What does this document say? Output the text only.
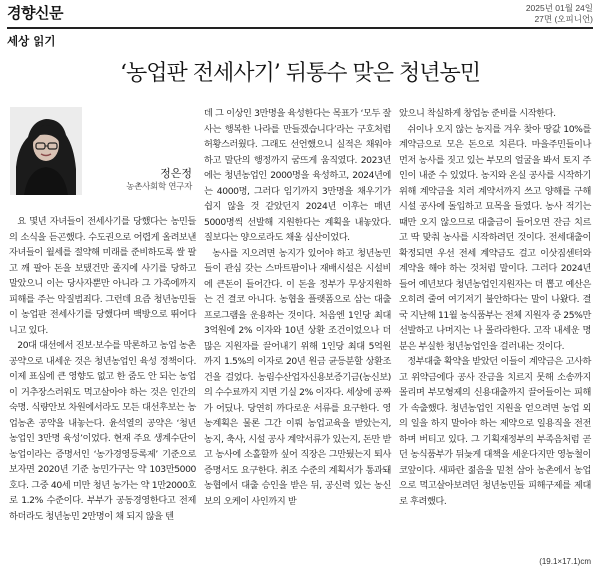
경향신문	2025년 01월 24일
27면 (오피니언)
세상 읽기
‘농업판 전세사기’ 뒤통수 맞은 청년농민
정은정
농촌사회학 연구자

요 몇년 자녀들이 전세사기를 당했다는 농민들의 소식을 듣곤했다. 수도권으로 어렵게 올려보낸 자녀들이 월세를 절약해 미래를 준비하도록 쌀 팔고 깨 팔아 돈을 보탰건만 졸지에 사기를 당하고 말았으니 이는 당사자뿐만 아니라 그 가족에까지 피해를 주는 악질범죄다. 그런데 요즘 청년농민들이 농업판 전세사기를 당했다며 백방으로 뛰어다니고 있다.

20대 대선에서 진보·보수를 막론하고 농업 농촌 공약으로 내세운 것은 청년농업인 육성 정책이다. 이제 표심에 큰 영향도 없고 한 줌도 안 되는 농업이 거추장스러워도 먹고살아야 하는 것은 인간의 숙명. 식량안보 차원에서라도 모든 대선후보는 농업농촌 공약을 내놓는다. 윤석열의 공약은 ‘청년농업인 3만명 육성’이었다. 현재 주요 생계수단이 농업이라는 증명서인 ‘농가경영등록제’ 기준으로 보자면 2020년 기준 농민가구는 약 103만5000호다. 그중 40세 미만 청년 농가는 약 1만2000호로 1.2% 수준이다. 부부가 공동경영한다고 전제하더라도 청년농민 2만명이 채 되지 않을 텐

데 그 이상인 3만명을 육성한다는 목표가 ‘모두 잘사는 행복한 나라를 만들겠습니다’라는 구호처럼 허황스러웠다. 그래도 선언했으니 실적은 채워야 하고 말단의 행정까지 굼뜨게 움직였다. 2023년에는 청년농업인 2000명을 육성하고, 2024년에는 4000명, 그러다 임기까지 3만명을 채우기가 쉽지 않을 것 같았던지 2024년 이후는 매년 5000명씩 선발해 지원한다는 계획을 내놓았다. 질보다는 양으로라도 채울 심산이었다.

농사를 지으려면 농지가 있어야 하고 청년농민들이 관심 갖는 스마트팜이나 재배시설은 시설비에 큰돈이 들어간다. 이 돈을 정부가 무상지원하는 건 결코 아니다. 농협을 플랫폼으로 삼는 대출프로그램을 운용하는 것이다. 처음엔 1인당 최대 3억원에 2% 이자와 10년 상환 조건이었으나 더 많은 지원자를 끌어내기 위해 1인당 최대 5억원까지 1.5%의 이자로 20년 원금 균등분할 상환조건을 걸었다. 농림수산업자신용보증기금(농신보)의 수수료까지 지면 기실 2% 이자다. 세상에 공짜가 어딨나. 당연히 까다로운 서류를 요구한다. 영농계획은 물론 그간 이뤄 농업교육을 받았는지, 농지, 축사, 시설 공사 계약서류가 있는지, 돈만 받고 농사에 소홀할까 싶어 직장은 그만뒀는지 퇴사증명서도 요구한다. 취조 수준의 계획서가 통과돼 농협에서 대출 승인을 받은 뒤, 공신력 있는 농신보의 오케이 사인까지 받

았으니 착실하게 창업농 준비를 시작한다.

쉬이나 오지 않는 농지를 겨우 찾아 땅값 10%를 계약금으로 모은 돈으로 치른다. 마을주민들이나 먼저 농사를 짓고 있는 부모의 얼굴을 봐서 토지 주인이 내준 수 있었다. 농지와 온실 공사를 시작하기 위해 계약금을 치러 계약서까지 쓰고 양해를 구해 시설 공사에 돌입하고 묘목을 들였다. 농사 적기는 때만 오지 않으므로 대출금이 들어오면 잔금 치르고 딱 맞춰 농사를 시작하려던 것이다. 전세대출이 확정되면 우선 전세 계약금도 걸고 이삿짐센터와 계약을 해야 하는 것처럼 말이다. 그러다 2024년 들어 예년보다 청년농업인지원자는 더 뽑고 예산은 오히려 줄여 여기저기 불안하다는 말이 나왔다. 결국 지난해 11월 농식품부는 전체 지원자 중 25%만 선발하고 나머지는 나 몰라라한다. 고작 내세운 명분은 부실한 청년농업인을 걸러내는 것이다.

정부대출 확약을 받았던 이들이 계약금은 고사하고 위약금에다 공사 잔금을 치르지 못해 소송까지 몰리며 부모형제의 신용대출까지 끌어들이는 피해가 속출했다. 청년농업인 지원을 얻으려면 농업 외의 일을 하지 말아야 하는 제약으로 일용직을 전전하며 버티고 있다. 그 기획재정부의 부족음처럼 곧던 농식품부가 뒤늦게 대책을 세운다지만 영농철이 코앞이다. 새파란 젊음을 밑천 삼아 농촌에서 농업으로 먹고살아보려던 청년농민들 피해구제를 제대로 후려했다.

(19.1×17.1)cm
